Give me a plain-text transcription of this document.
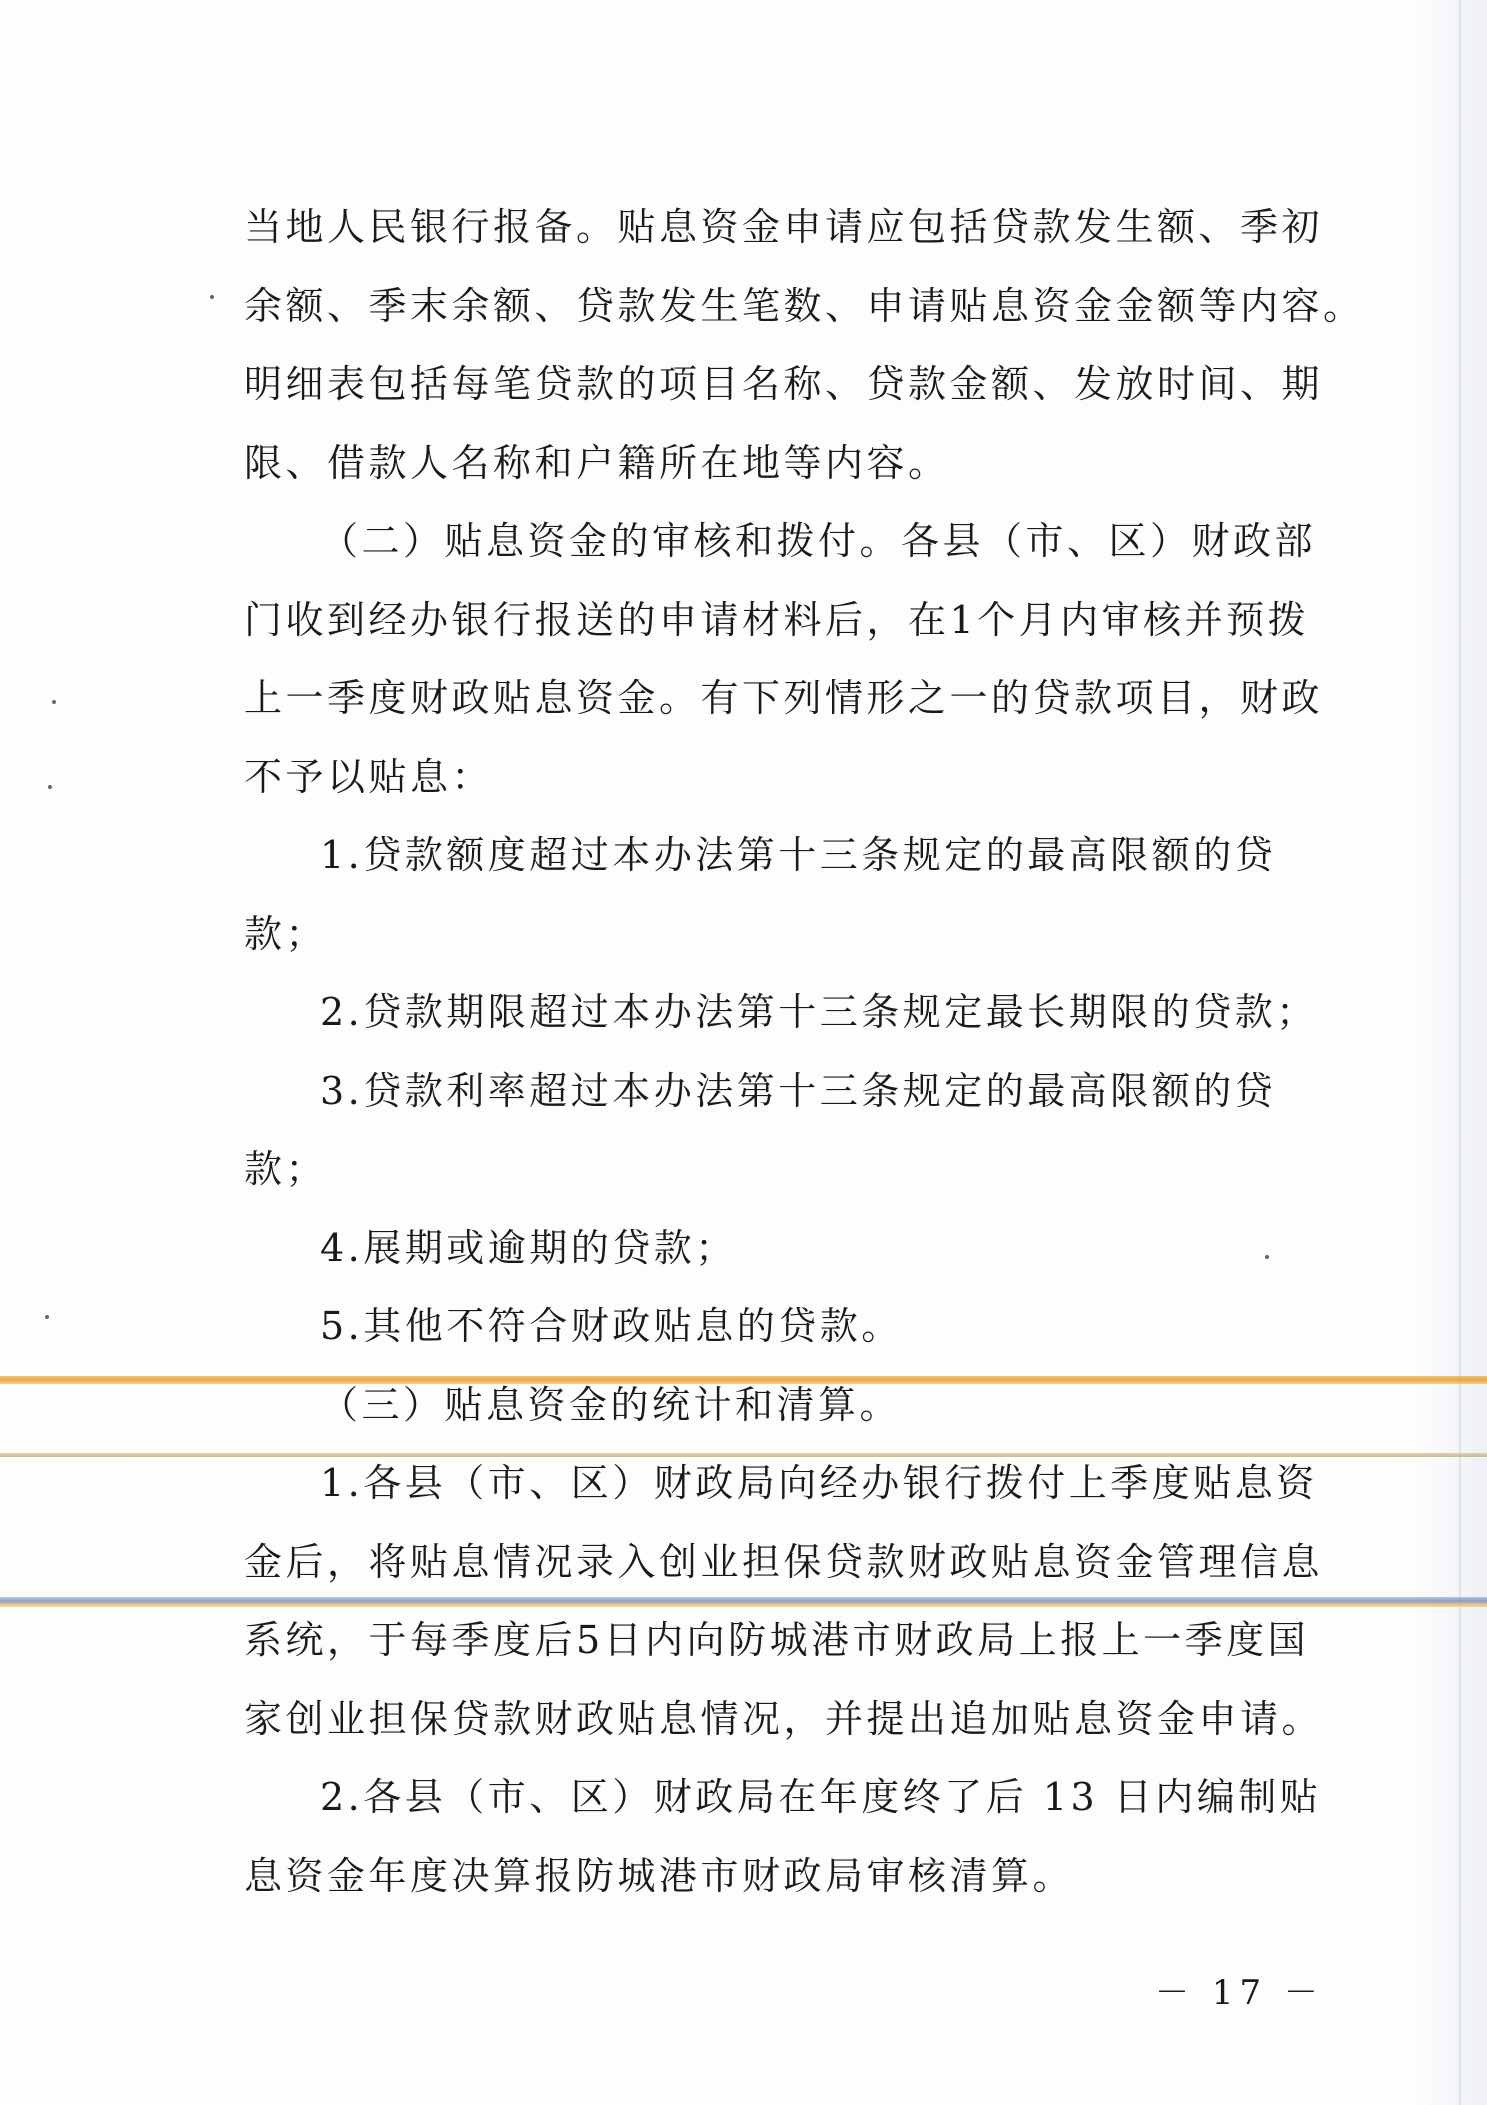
当地人民银行报备。贴息资金申请应包括贷款发生额、季初
余额、季末余额、贷款发生笔数、申请贴息资金金额等内容。
明细表包括每笔贷款的项目名称、贷款金额、发放时间、期
限、借款人名称和户籍所在地等内容。
（二）贴息资金的审核和拨付。各县（市、区）财政部
门收到经办银行报送的申请材料后，在1个月内审核并预拨
上一季度财政贴息资金。有下列情形之一的贷款项目，财政
不予以贴息：
1.贷款额度超过本办法第十三条规定的最高限额的贷
款；
2.贷款期限超过本办法第十三条规定最长期限的贷款；
3.贷款利率超过本办法第十三条规定的最高限额的贷
款；
4.展期或逾期的贷款；
5.其他不符合财政贴息的贷款。
（三）贴息资金的统计和清算。
1.各县（市、区）财政局向经办银行拨付上季度贴息资
金后，将贴息情况录入创业担保贷款财政贴息资金管理信息
系统，于每季度后5日内向防城港市财政局上报上一季度国
家创业担保贷款财政贴息情况，并提出追加贴息资金申请。
2.各县（市、区）财政局在年度终了后 13 日内编制贴
息资金年度决算报防城港市财政局审核清算。
－ 17 －
